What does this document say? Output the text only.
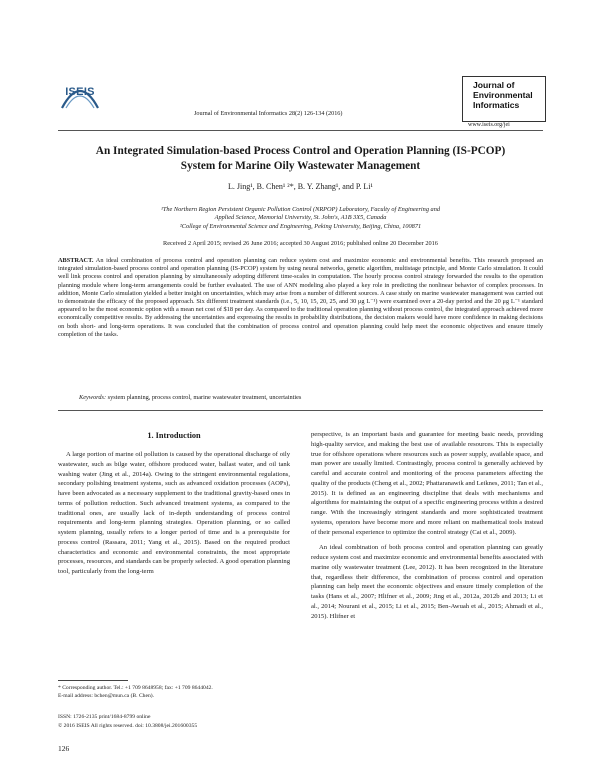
ISEIS
Journal of Environmental Informatics 28(2) 126-134 (2016)
Journal of
Environmental
Informatics
www.iseis.org/jei
An Integrated Simulation-based Process Control and Operation Planning (IS-PCOP)
System for Marine Oily Wastewater Management
L. Jing¹, B. Chen¹ ²*, B. Y. Zhang¹, and P. Li¹
¹The Northern Region Persistent Organic Pollution Control (NRPOP) Laboratory, Faculty of Engineering and
Applied Science, Memorial University, St. John's, A1B 3X5, Canada
²College of Environmental Science and Engineering, Peking University, Beijing, China, 100871
Received 2 April 2015; revised 26 June 2016; accepted 30 August 2016; published online 20 December 2016
ABSTRACT. An ideal combination of process control and operation planning can reduce system cost and maximize economic and environmental benefits. This research proposed an integrated simulation-based process control and operation planning (IS-PCOP) system by using neural networks, genetic algorithm, multistage principle, and Monte Carlo simulation. It could well link process control and operation planning by simultaneously adopting different time-scales in computation. The hourly process control strategy forwarded the results to the operation planning module where long-term arrangements could be further evaluated. The use of ANN modeling also played a key role in predicting the nonlinear behavior of complex processes. In addition, Monte Carlo simulation yielded a better insight on uncertainties, which may arise from a number of different sources. A case study on marine wastewater management was carried out to demonstrate the efficacy of the proposed approach. Six different treatment standards (i.e., 5, 10, 15, 20, 25, and 30 μg L⁻¹) were examined over a 20-day period and the 20 μg L⁻¹ standard appeared to be the most economic option with a mean net cost of $18 per day. As compared to the traditional operation planning without process control, the integrated approach achieved more economically competitive results. By addressing the uncertainties and expressing the results in probability distributions, the decision makers would have more confidence in making decisions on both short- and long-term operations. It was concluded that the combination of process control and operation planning could help meet the economic objectives and ensure timely completion of the tasks.
Keywords: system planning, process control, marine wastewater treatment, uncertainties
1. Introduction

A large portion of marine oil pollution is caused by the operational discharge of oily wastewater, such as bilge water, offshore produced water, ballast water, and oil tank washing water (Jing et al., 2014a). Owing to the stringent environmental regulations, secondary polishing treatment systems, such as advanced oxidation processes (AOPs), have been advocated as a necessary supplement to the traditional gravity-based ones in terms of pollution reduction. Such advanced treatment systems, as compared to the traditional ones, are usually lack of in-depth understanding of process control requirements and long-term planning strategies. Operation planning, or so called system planning, usually refers to a longer period of time and is a prerequisite for process control (Rassara, 2011; Yang et al., 2015). Based on the required product characteristics and economic and environmental constraints, the most appropriate processes, resources, and standards can be properly selected. A good operation planning tool, particularly from the long-term

perspective, is an important basis and guarantee for meeting basic needs, providing high-quality service, and making the best use of available resources. This is especially true for offshore operations where resources such as power supply, available space, and man power are usually limited. Contrastingly, process control is generally achieved by careful and accurate control and monitoring of the process parameters affecting the quality of the products (Cheng et al., 2002; Phattaranawik and Leiknes, 2011; Tan et al., 2015). It is defined as an engineering discipline that deals with mechanisms and algorithms for maintaining the output of a specific engineering process within a desired range. With the increasingly stringent standards and more sophisticated treatment systems, operators have become more and more reliant on mathematical tools instead of their personal experience to optimize the control strategy (Cai et al., 2009).

An ideal combination of both process control and operation planning can greatly reduce system cost and maximize economic and environmental benefits associated with marine oily wastewater treatment (Lee, 2012). It has been recognized in the literature that, regardless their difference, the combination of process control and operation planning can help meet the economic objectives and ensure timely completion of the tasks (Hans et al., 2007; Hlifner et al., 2009; Jing et al., 2012a, 2012b and 2013; Li et al., 2014; Nourani et al., 2015; Li et al., 2015; Ben-Awuah et al., 2015; Ahmadi et al., 2015). Hlifner et

* Corresponding author. Tel.: +1 709 8648958; fax: +1 709 8644042.
E-mail address: bchen@mun.ca (B. Chen).
ISSN: 1726-2135 print/1684-8799 online
© 2016 ISEIS All rights reserved. doi: 10.3808/jei.201600355
126
